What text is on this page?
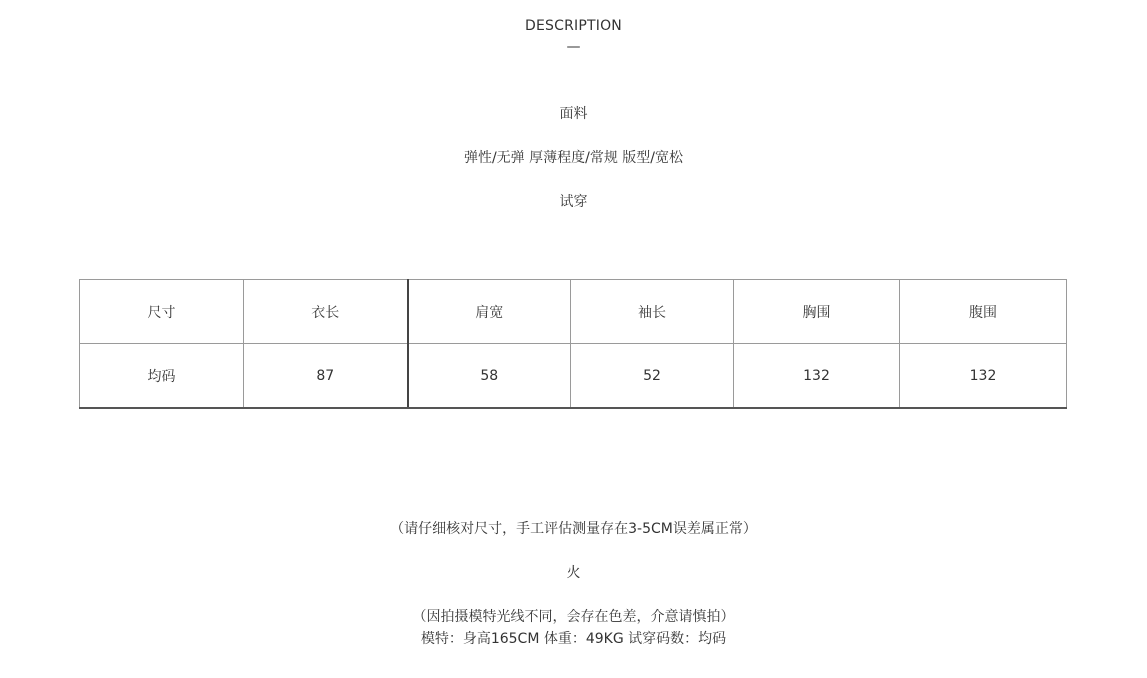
DESCRIPTION
—
面料
弹性/无弹 厚薄程度/常规 版型/宽松
试穿
尺寸	衣长	肩宽	袖长	胸围	腹围
均码	87	58	52	132	132
（请仔细核对尺寸，手工评估测量存在3-5CM误差属正常）
火
（因拍摄模特光线不同，会存在色差，介意请慎拍）
模特：身高165CM 体重：49KG 试穿码数：均码
